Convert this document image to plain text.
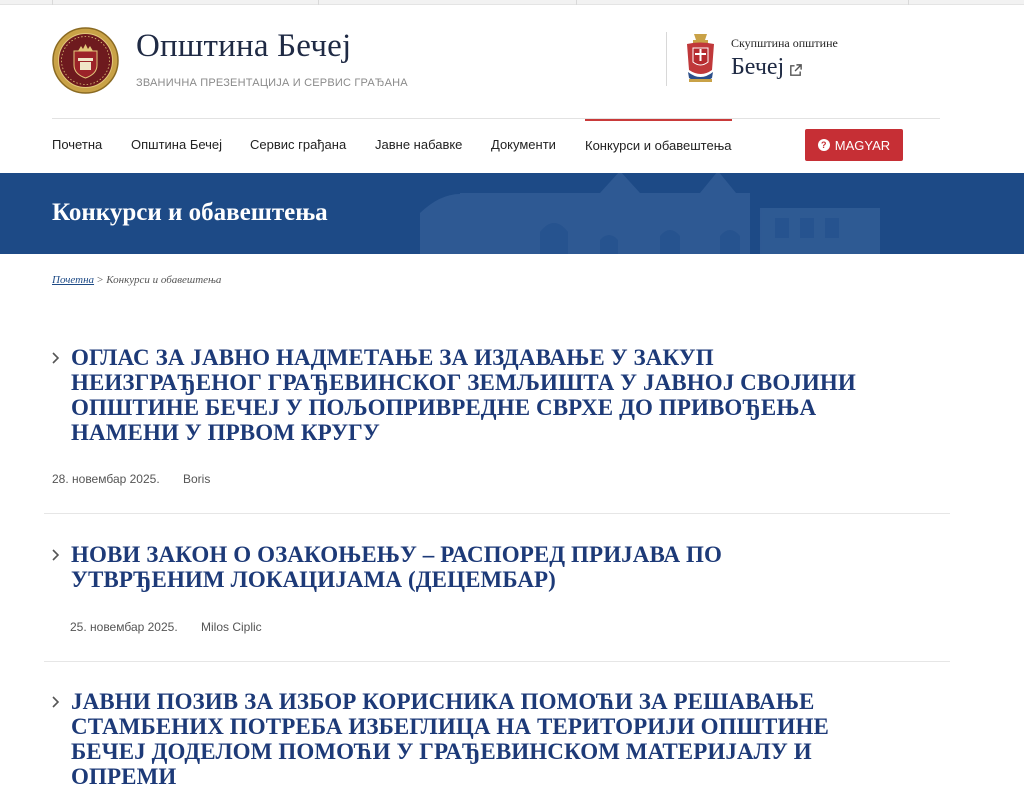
Општина Бечеј
ЗВАНИЧНА ПРЕЗЕНТАЦИЈА И СЕРВИС ГРАЂАНА
Скупштина општине
Бечеј
Почетна Општина Бечеј Сервис грађана Јавне набавке Документи Конкурси и обавештења	? MAGYAR
Конкурси и обавештења
Почетна > Конкурси и обавештења
ОГЛАС ЗА ЈАВНО НАДМЕТАЊЕ ЗА ИЗДАВАЊЕ У ЗАКУП НЕИЗГРАЂЕНОГ ГРАЂЕВИНСКОГ ЗЕМЉИШТА У ЈАВНОЈ СВОЈИНИ ОПШТИНЕ БЕЧЕЈ У ПОЉОПРИВРЕДНЕ СВРХЕ ДО ПРИВОЂЕЊА НАМЕНИ У ПРВОМ КРУГУ
28. новембар 2025. Boris
НОВИ ЗАКОН О ОЗАКОЊЕЊУ – РАСПОРЕД ПРИЈАВА ПО УТВРЂЕНИМ ЛОКАЦИЈАМА (ДЕЦЕМБАР)
25. новембар 2025. Milos Ciplic
ЈАВНИ ПОЗИВ ЗА ИЗБОР КОРИСНИКА ПОМОЋИ ЗА РЕШАВАЊЕ СТАМБЕНИХ ПОТРЕБА ИЗБЕГЛИЦА НА ТЕРИТОРИЈИ ОПШТИНЕ БЕЧЕЈ ДОДЕЛОМ ПОМОЋИ У ГРАЂЕВИНСКОМ МАТЕРИЈАЛУ И ОПРЕМИ
